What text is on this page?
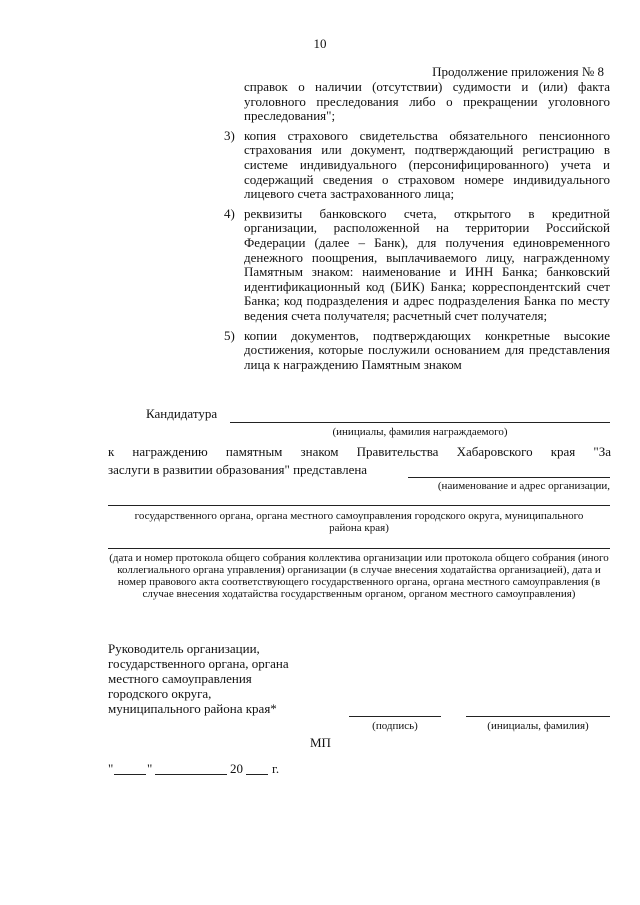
10
Продолжение приложения № 8
справок о наличии (отсутствии) судимости и (или) факта уголовного преследования либо о прекращении уголовного преследования";
3) копия страхового свидетельства обязательного пенсионного страхования или документ, подтверждающий регистрацию в системе индивидуального (персонифицированного) учета и содержащий сведения о страховом номере индивидуального лицевого счета застрахованного лица;
4) реквизиты банковского счета, открытого в кредитной организации, расположенной на территории Российской Федерации (далее – Банк), для получения единовременного денежного поощрения, выплачиваемого лицу, награжденному Памятным знаком: наименование и ИНН Банка; банковский идентификационный код (БИК) Банка; корреспондентский счет Банка; код подразделения и адрес подразделения Банка по месту ведения счета получателя; расчетный счет получателя;
5) копии документов, подтверждающих конкретные высокие достижения, которые послужили основанием для представления лица к награждению Памятным знаком
Кандидатура
(инициалы, фамилия награждаемого)
к награждению памятным знаком Правительства Хабаровского края "За
заслуги в развитии образования" представлена
(наименование и адрес организации,
государственного органа, органа местного самоуправления городского округа, муниципального района края)
(дата и номер протокола общего собрания коллектива организации или протокола общего собрания (иного коллегиального органа управления) организации (в случае внесения ходатайства организацией), дата и номер правового акта соответствующего государственного органа, органа местного самоуправления (в случае внесения ходатайства государственным органом, органом местного самоуправления)
Руководитель организации, государственного органа, органа местного самоуправления городского округа, муниципального района края*
(подпись)	(инициалы, фамилия)
МП
"	"	20 г.
